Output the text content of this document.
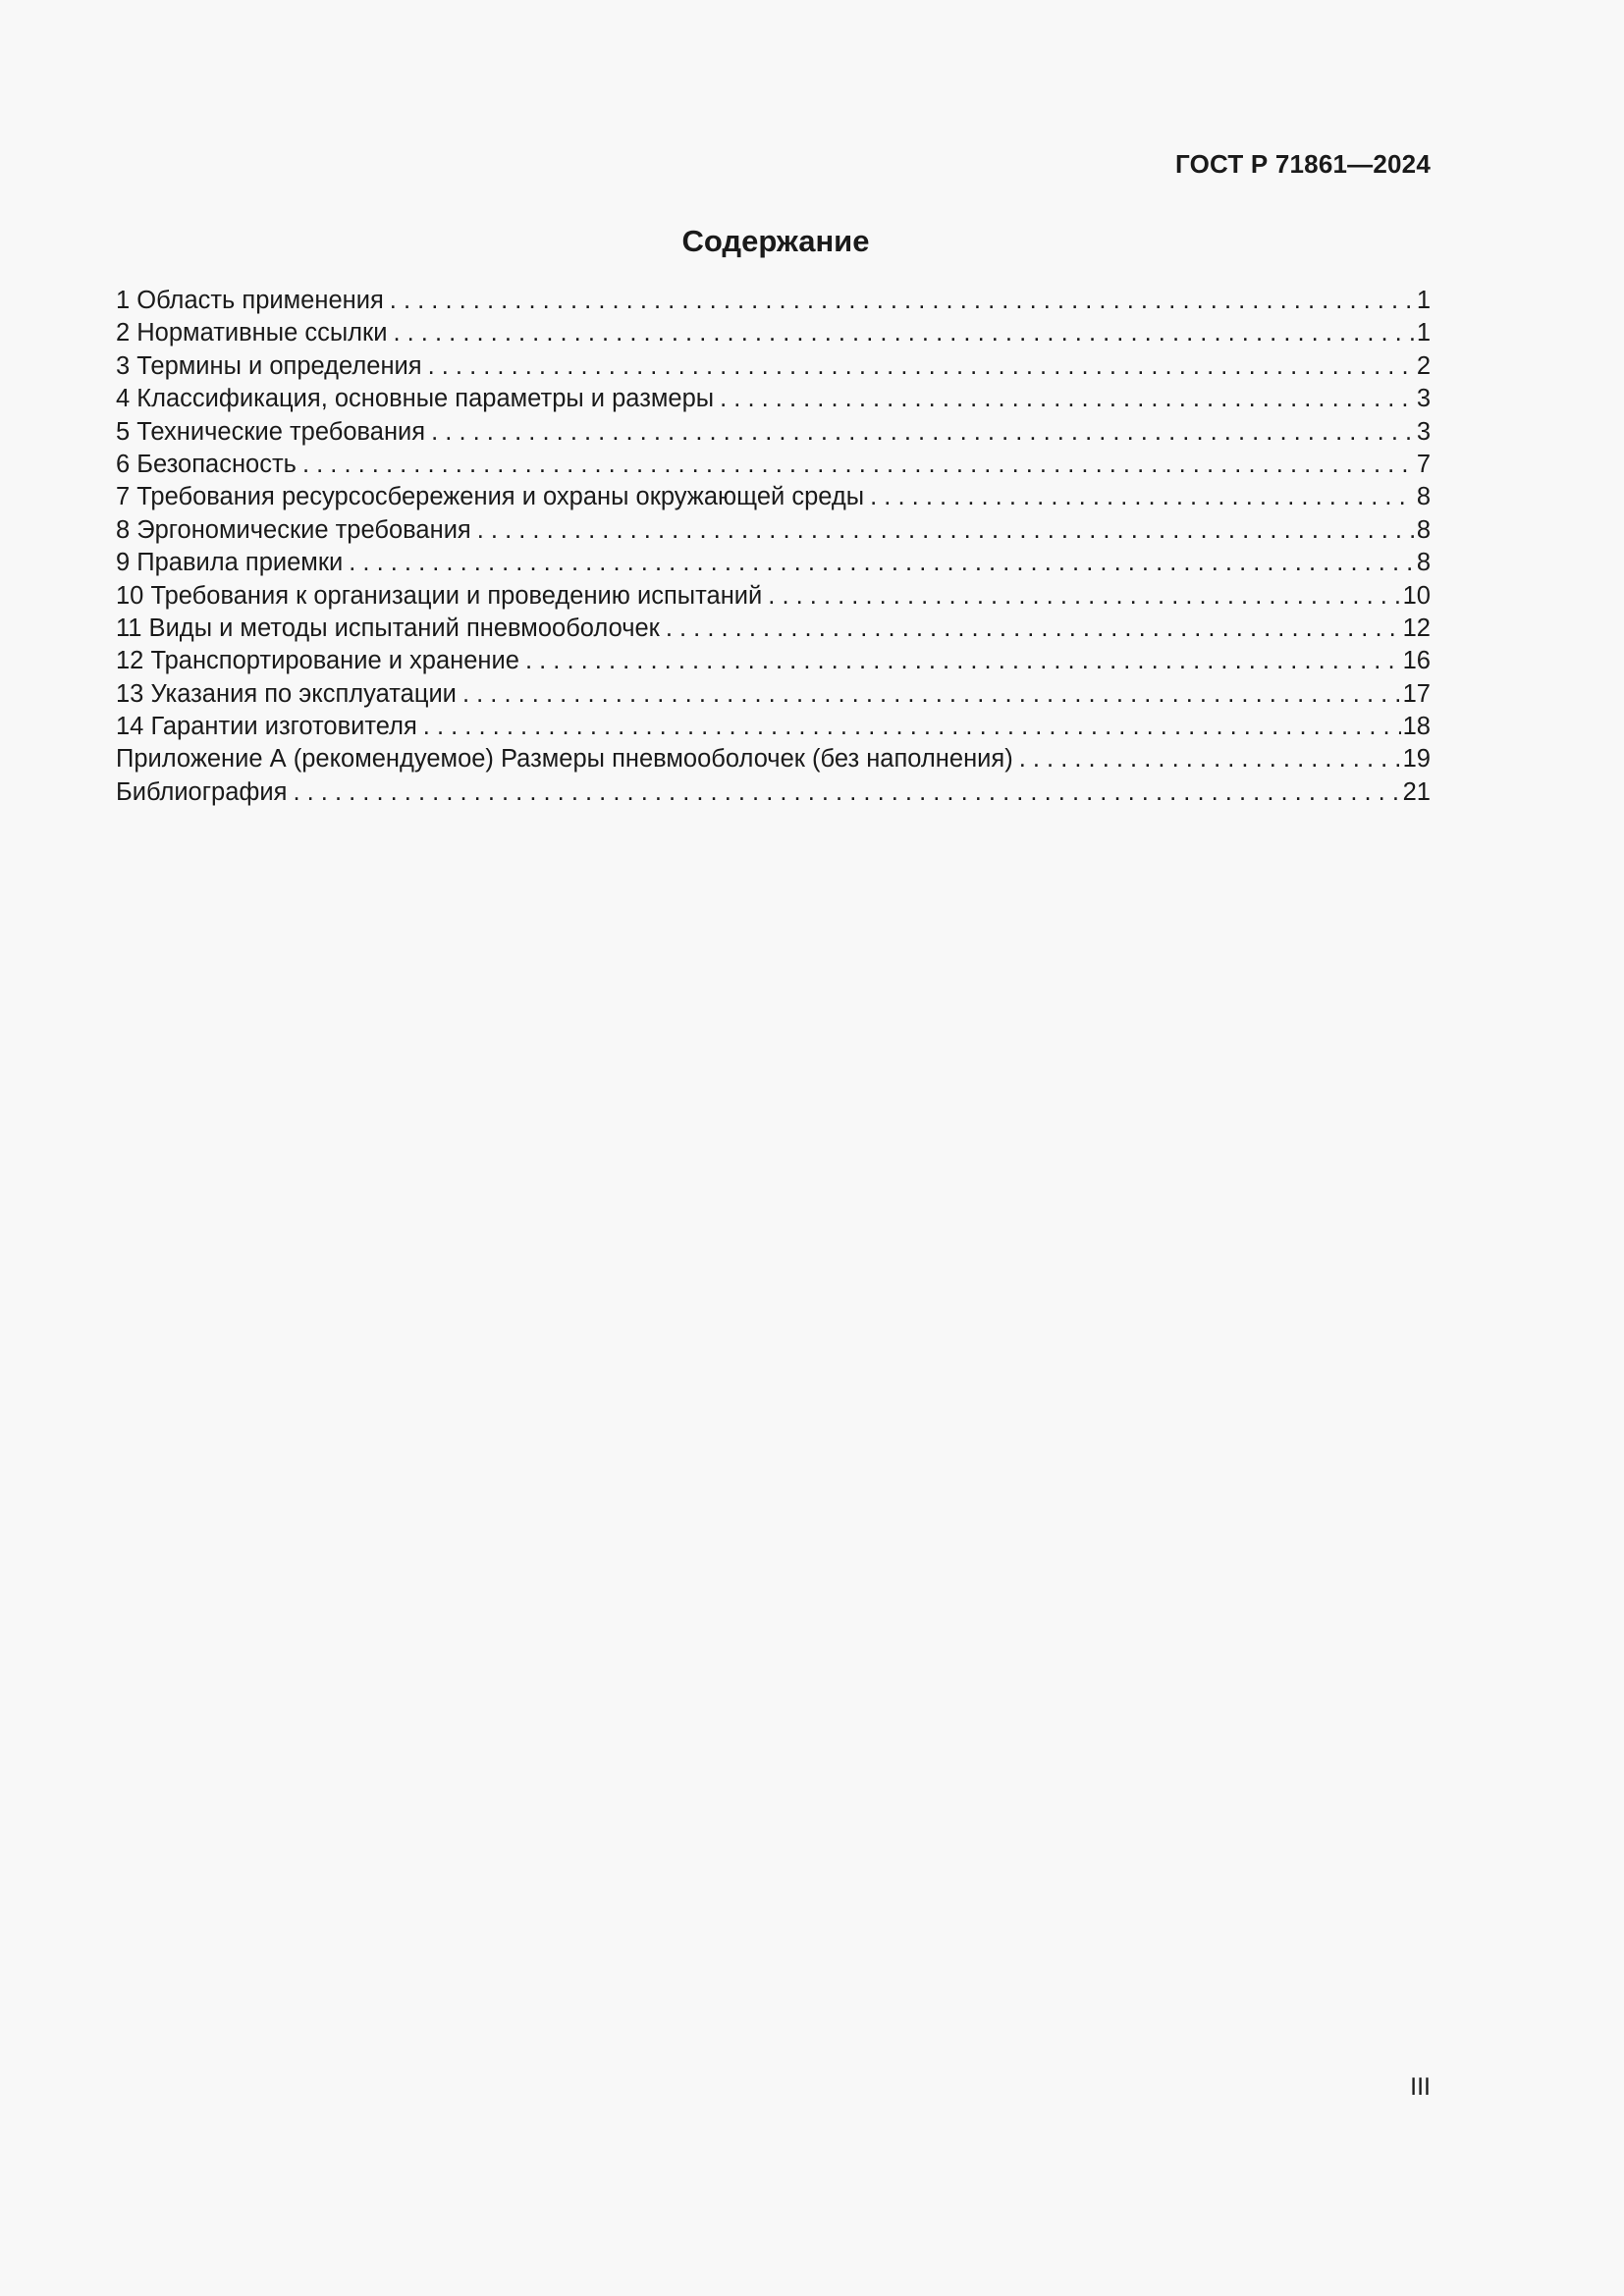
ГОСТ Р 71861—2024
Содержание
1 Область применения . . .	1
2 Нормативные ссылки . . .	1
3 Термины и определения . . .	2
4 Классификация, основные параметры и размеры . . .	3
5 Технические требования . . .	3
6 Безопасность . . .	7
7 Требования ресурсосбережения и охраны окружающей среды . . .	8
8 Эргономические требования . . .	8
9 Правила приемки . . .	8
10 Требования к организации и проведению испытаний . . .	10
11 Виды и методы испытаний пневмооболочек . . .	12
12 Транспортирование и хранение . . .	16
13 Указания по эксплуатации . . .	17
14 Гарантии изготовителя . . .	18
Приложение А (рекомендуемое) Размеры пневмооболочек (без наполнения) . . .	19
Библиография . . .	21
III
